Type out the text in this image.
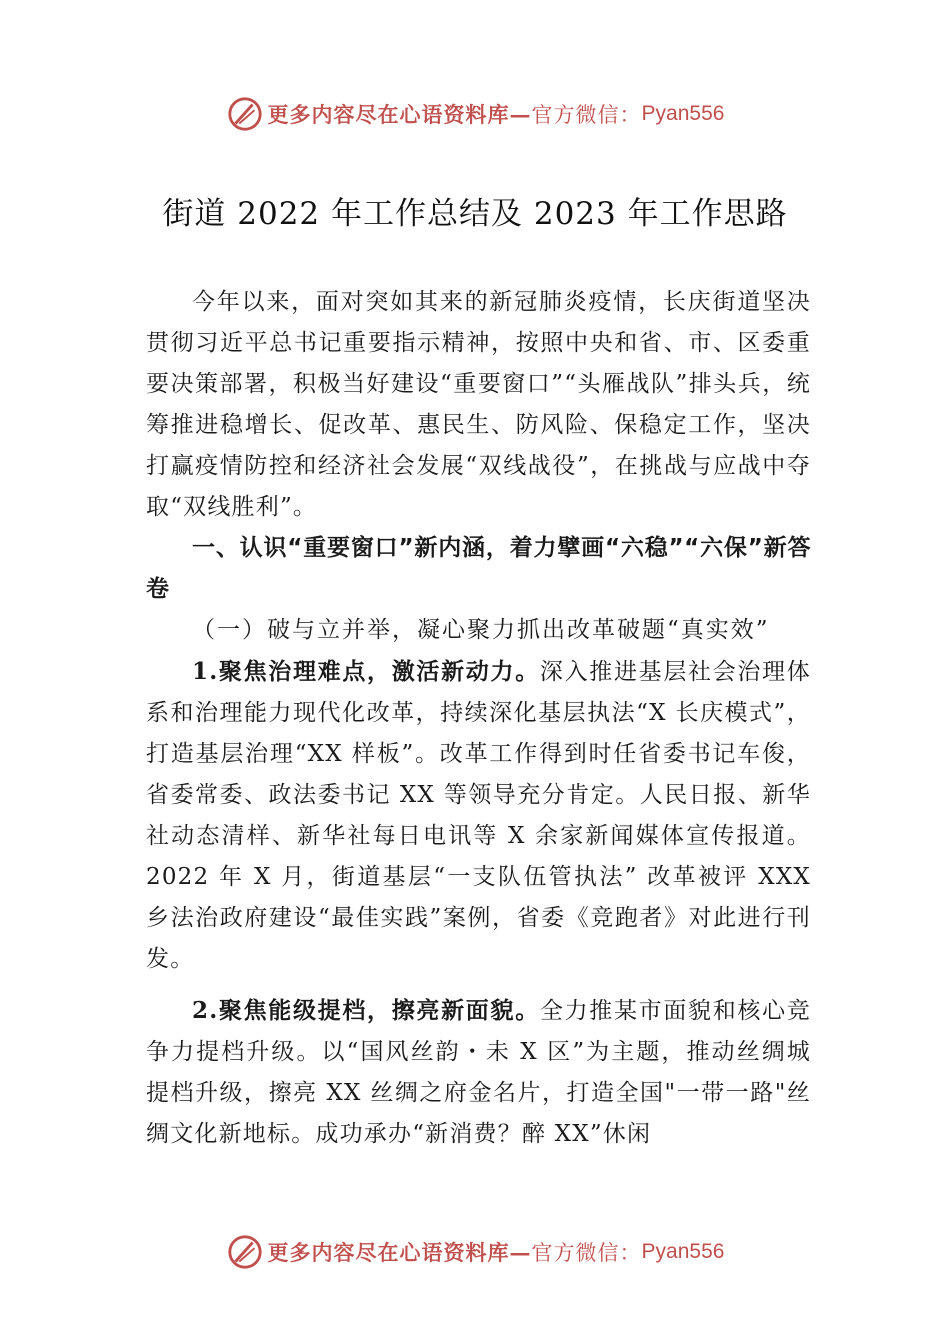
更多内容尽在心语资料库— 官方微信： Pyan556
街道 2022 年工作总结及 2023 年工作思路

今年以来，面对突如其来的新冠肺炎疫情，长庆街道坚决贯彻习近平总书记重要指示精神，按照中央和省、市、区委重要决策部署，积极当好建设“重要窗口”“头雁战队”排头兵，统筹推进稳增长、促改革、惠民生、防风险、保稳定工作，坚决打赢疫情防控和经济社会发展“双线战役”，在挑战与应战中夺取“双线胜利”。

一、认识“重要窗口”新内涵，着力擘画“六稳”“六保”新答卷

（一）破与立并举，凝心聚力抓出改革破题“真实效”

1.聚焦治理难点，激活新动力。深入推进基层社会治理体系和治理能力现代化改革，持续深化基层执法“X 长庆模式”，打造基层治理“XX 样板”。改革工作得到时任省委书记车俊，省委常委、政法委书记 XX 等领导充分肯定。人民日报、新华社动态清样、新华社每日电讯等 X 余家新闻媒体宣传报道。2022 年 X 月，街道基层“一支队伍管执法” 改革被评 XXX 乡法治政府建设“最佳实践”案例，省委《竞跑者》对此进行刊发。

2.聚焦能级提档，擦亮新面貌。全力推某市面貌和核心竞争力提档升级。以“国风丝韵・未 X 区”为主题，推动丝绸城提档升级，擦亮 XX 丝绸之府金名片，打造全国"一带一路"丝绸文化新地标。成功承办“新消费？醉 XX”休闲

更多内容尽在心语资料库— 官方微信： Pyan556
